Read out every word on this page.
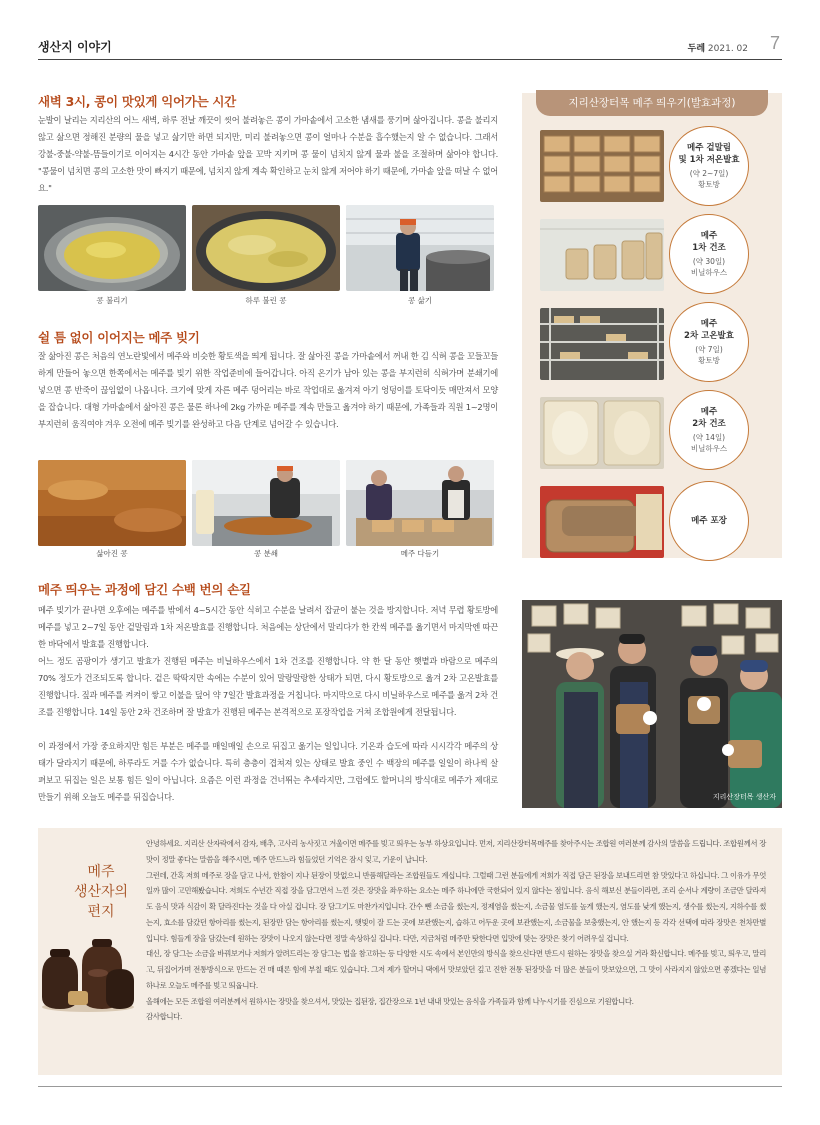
생산지 이야기	두레 2021. 02 7
새벽 3시, 콩이 맛있게 익어가는 시간
눈발이 날리는 지리산의 어느 새벽, 하루 전날 깨끗이 씻어 불려놓은 콩이 가마솥에서 고소한 냄새를 풍기며 삶아집니다. 콩을 불리지 않고 삶으면 정해진 분량의 물을 넣고 삶기만 하면 되지만, 미리 불려놓으면 콩이 얼마나 수분을 흡수했는지 알 수 없습니다. 그래서 강불-중불-약불-뜸들이기로 이어지는 4시간 동안 가마솥 앞을 꼬박 지키며 콩 물이 넘치지 않게 물과 불을 조절하며 삶아야 합니다. "콩물이 넘치면 콩의 고소한 맛이 빠지기 때문에, 넘치지 않게 계속 확인하고 눈치 않게 저어야 하기 때문에, 가마솥 앞을 떠날 수 없어요."
콩 불리기	하루 불린 콩	콩 삶기
쉴 틈 없이 이어지는 메주 빚기
잘 삶아진 콩은 처음의 연노란빛에서 메주와 비슷한 황토색을 띄게 됩니다. 잘 삶아진 콩을 가마솥에서 꺼내 한 김 식혀 콩을 꼬들꼬들하게 만들어 놓으면 한쪽에서는 메주를 빚기 위한 작업준비에 들어갑니다. 아직 온기가 남아 있는 콩을 부지런히 식혀가며 분쇄기에 넣으면 콩 반죽이 끊임없이 나옵니다. 크기에 맞게 자른 메주 덩어리는 바로 작업대로 옮겨져 아기 엉덩이를 토닥이듯 매만져서 모양을 잡습니다. 대형 가마솥에서 삶아진 콩은 물론 하나에 2kg 가까운 메주를 계속 만들고 옮겨야 하기 때문에, 가족들과 직원 1~2명이 부지런히 움직여야 겨우 오전에 메주 빚기를 완성하고 다음 단계로 넘어갈 수 있습니다.
삶아진 콩	콩 분쇄	메주 다듬기
메주 띄우는 과정에 담긴 수백 번의 손길
메주 빚기가 끝나면 오후에는 메주를 밖에서 4~5시간 동안 식히고 수분을 날려서 잡균이 붙는 것을 방지합니다. 저녁 무렵 황토방에 메주를 넣고 2~7일 동안 겉말림과 1차 저온발효를 진행합니다. 처음에는 상단에서 말리다가 한 칸씩 메주를 옮기면서 마지막엔 따끈한 바닥에서 발효를 진행합니다.
어느 정도 곰팡이가 생기고 발효가 진행된 메주는 비닐하우스에서 1차 건조를 진행합니다. 약 한 달 동안 햇볕과 바람으로 메주의 70% 정도가 건조되도록 합니다. 겉은 딱딱지만 속에는 수분이 있어 말랑말랑한 상태가 되면, 다시 황토방으로 옮겨 2차 고온발효를 진행합니다. 짚과 메주를 켜켜이 쌓고 이불을 덮어 약 7일간 발효과정을 거칩니다. 마지막으로 다시 비닐하우스로 메주를 옮겨 2차 건조를 진행합니다. 14일 동안 2차 건조하며 잘 발효가 진행된 메주는 본격적으로 포장작업을 거쳐 조합원에게 전달됩니다.
이 과정에서 가장 중요하지만 힘든 부분은 메주를 매일매일 손으로 뒤집고 옮기는 일입니다. 기온과 습도에 따라 시시각각 메주의 상태가 달라지기 때문에, 하루라도 거를 수가 없습니다. 특히 층층이 겹쳐져 있는 상태로 발효 중인 수 백장의 메주를 일일이 하나씩 살펴보고 뒤집는 일은 보통 힘든 일이 아닙니다. 요즘은 이런 과정을 건너뛰는 추세라지만, 그럼에도 할머니의 방식대로 메주가 제대로 만들기 위해 오늘도 메주를 뒤집습니다.
지리산장터목 메주 띄우기(발효과정)
메주 겉말림
및 1차 저온발효
(약 2~7일)
황토방
메주
1차 건조
(약 30일)
비닐하우스
메주
2차 고온발효
(약 7일)
황토방
메주
2차 건조
(약 14일)
비닐하우스
메주 포장
지리산장터목 생산자
메주
생산자의
편지

안녕하세요. 지리산 산자락에서 감자, 배추, 고사리 농사짓고 겨울이면 메주를 빚고 띄우는 농부 하상요입니다. 먼저, 지리산장터목메주를 찾아주시는 조합원 여러분께 감사의 말씀을 드립니다. 조합원께서 장맛이 정말 좋다는 말씀을 해주시면, 메주 만드느라 힘들었던 기억은 잠시 잊고, 기운이 납니다.

그런데, 간혹 저희 메주로 장을 담고 나서, 한참이 지나 된장이 맛없으니 반품해달라는 조합원들도 계십니다. 그럴때 그런 분들에게 저희가 직접 담근 된장을 보내드리면 참 맛있다고 하십니다. 그 이유가 무엇일까 많이 고민해봤습니다. 저희도 수년간 직접 장을 담그면서 느낀 것은 장맛을 좌우하는 요소는 메주 하나에만 국한되어 있지 않다는 점입니다. 음식 해보신 분들이라면, 조리 순서나 계량이 조금만 달라져도 음식 맛과 식감이 확 달라진다는 것을 다 아실 겁니다. 장 담그기도 마찬가지입니다. 간수 뺀 소금을 썼는지, 정제염을 썼는지, 소금물 염도를 높게 했는지, 염도를 낮게 했는지, 생수를 썼는지, 지하수를 썼는지, 효소를 담갔던 항아리를 썼는지, 된장만 담는 항아리를 썼는지, 햇빛이 잘 드는 곳에 보관했는지, 습하고 어두운 곳에 보관했는지, 소금물을 보충했는지, 안 했는지 등 각각 선택에 따라 장맛은 천차만별입니다. 힘들게 장을 담갔는데 원하는 장맛이 나오지 않는다면 정말 속상하실 겁니다. 다만, 지금처럼 메주만 탓한다면 입맛에 맞는 장맛은 찾기 어려우실 겁니다.

대신, 장 담그는 소금을 바꿔보거나 저희가 알려드리는 장 담그는 법을 참고하는 등 다양한 시도 속에서 본인만의 방식을 찾으신다면 반드시 원하는 장맛을 찾으실 거라 확신합니다. 메주를 빚고, 띄우고, 말리고, 뒤집어가며 전통방식으로 만드는 건 매 때론 힘에 부칠 때도 있습니다. 그저 제가 할머니 댁에서 맛보았던 깊고 진한 전통 된장맛을 더 많은 분들이 맛보았으면, 그 맛이 사라지지 않았으면 좋겠다는 일념 하나로 오늘도 메주를 빚고 띄웁니다.

올해에는 모든 조합원 여러분께서 원하시는 장맛을 찾으셔서, 맛있는 집된장, 집간장으로 1년 내내 맛있는 음식을 가족들과 함께 나누시기를 진심으로 기원합니다.

감사합니다.
